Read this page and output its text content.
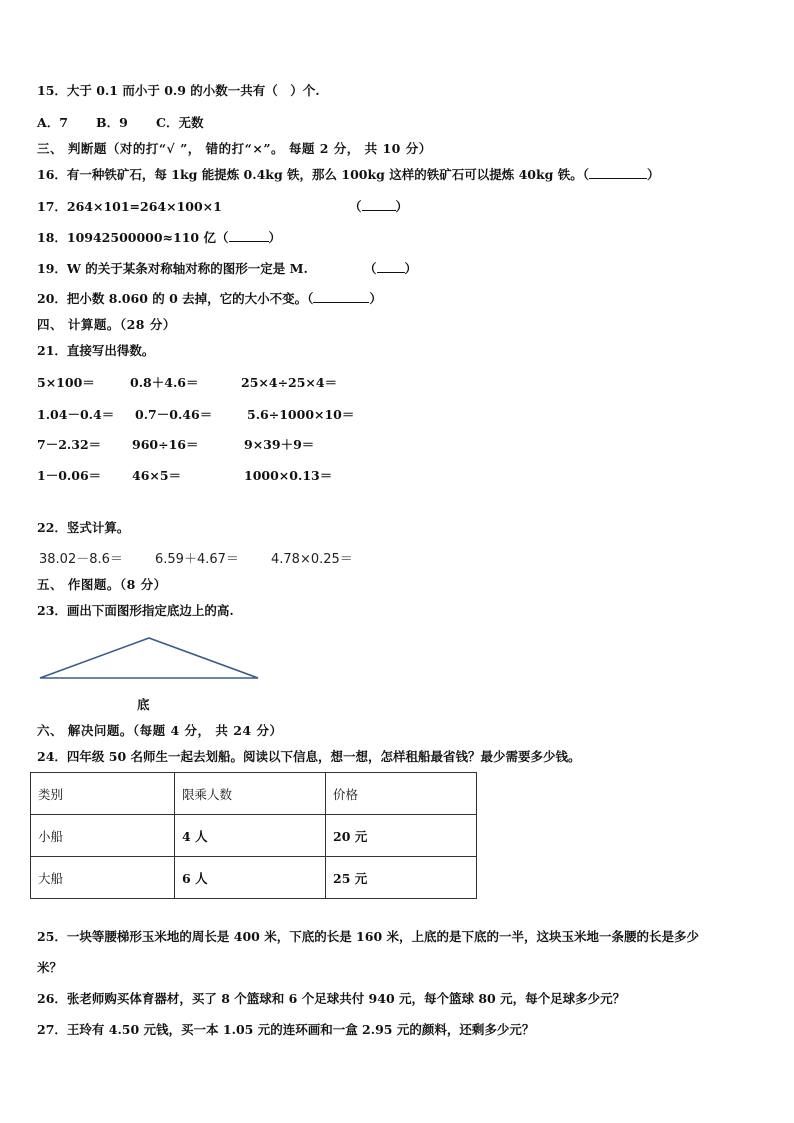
15．大于 0.1 而小于 0.9 的小数一共有（　）个.
A．7 B．9 C．无数
三、 判断题（对的打“√ ”， 错的打“×”。 每题 2 分， 共 10 分）
16．有一种铁矿石，每 1kg 能提炼 0.4kg 铁，那么 100kg 这样的铁矿石可以提炼 40kg 铁。（	）
17．264×101=264×100×1	（	）
18．10942500000≈110 亿（	）
19．W 的关于某条对称轴对称的图形一定是 M.	（ ）
20．把小数 8.060 的 0 去掉，它的大小不变。（	）
四、 计算题。（28 分）
21．直接写出得数。
5×100＝	0.8＋4.6＝	25×4÷25×4＝
1.04－0.4＝ 0.7－0.46＝	5.6÷1000×10＝
7－2.32＝ 960÷16＝	9×39＋9＝
1－0.06＝ 46×5＝	1000×0.13＝
22．竖式计算。
38.02－8.6＝ 6.59＋4.67＝ 4.78×0.25＝
五、 作图题。（8 分）
23．画出下面图形指定底边上的高.
底
六、 解决问题。（每题 4 分， 共 24 分）
24．四年级 50 名师生一起去划船。阅读以下信息，想一想，怎样租船最省钱？最少需要多少钱。
类别	限乘人数	价格
小船	4 人	20 元
大船	6 人	25 元
25．一块等腰梯形玉米地的周长是 400 米，下底的长是 160 米，上底的是下底的一半，这块玉米地一条腰的长是多少
米？
26．张老师购买体育器材，买了 8 个篮球和 6 个足球共付 940 元，每个篮球 80 元，每个足球多少元？
27．王玲有 4.50 元钱，买一本 1.05 元的连环画和一盒 2.95 元的颜料，还剩多少元？
